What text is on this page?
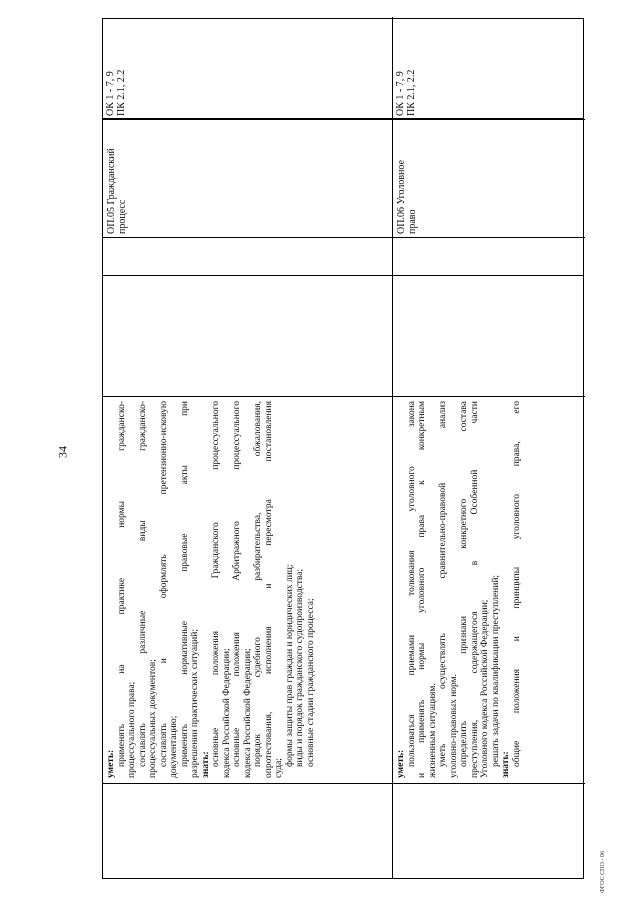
34
ФГОС СПО - 06
уметь: применять на практике нормы гражданско- процессуального права; составлять различные виды гражданско- процессуальных документов; составлять и оформлять претензионно-исковую документацию; применять нормативные правовые акты при разрешении практических ситуаций; знать: основные положения Гражданского процессуального кодекса Российской Федерации; основные положения Арбитражного процессуального кодекса Российской Федерации; порядок судебного разбирательства, обжалования, опротестования, исполнения и пересмотра постановления суда;
формы защиты прав граждан и юридических лиц; виды и порядок гражданского судопроизводства; основные стадии гражданского процесса;
ОП.05 Гражданский процесс
уметь: пользоваться приемами толкования уголовного закона и применять нормы уголовного права к конкретным жизненным ситуациям. уметь осуществлять сравнительно-правовой анализ уголовно-правовых норм. определить признаки конкретного состава преступления, содержащегося в Особенной части Уголовного кодекса Российской Федерации; решать задачи по квалификации преступлений; знать: общие положения и принципы уголовного права, его
ОП.06 Уголовное право
ОК 1 - 7, 9 ПК 2.1, 2.2	ОК 1 - 7, 9 ПК 2.1, 2.2
